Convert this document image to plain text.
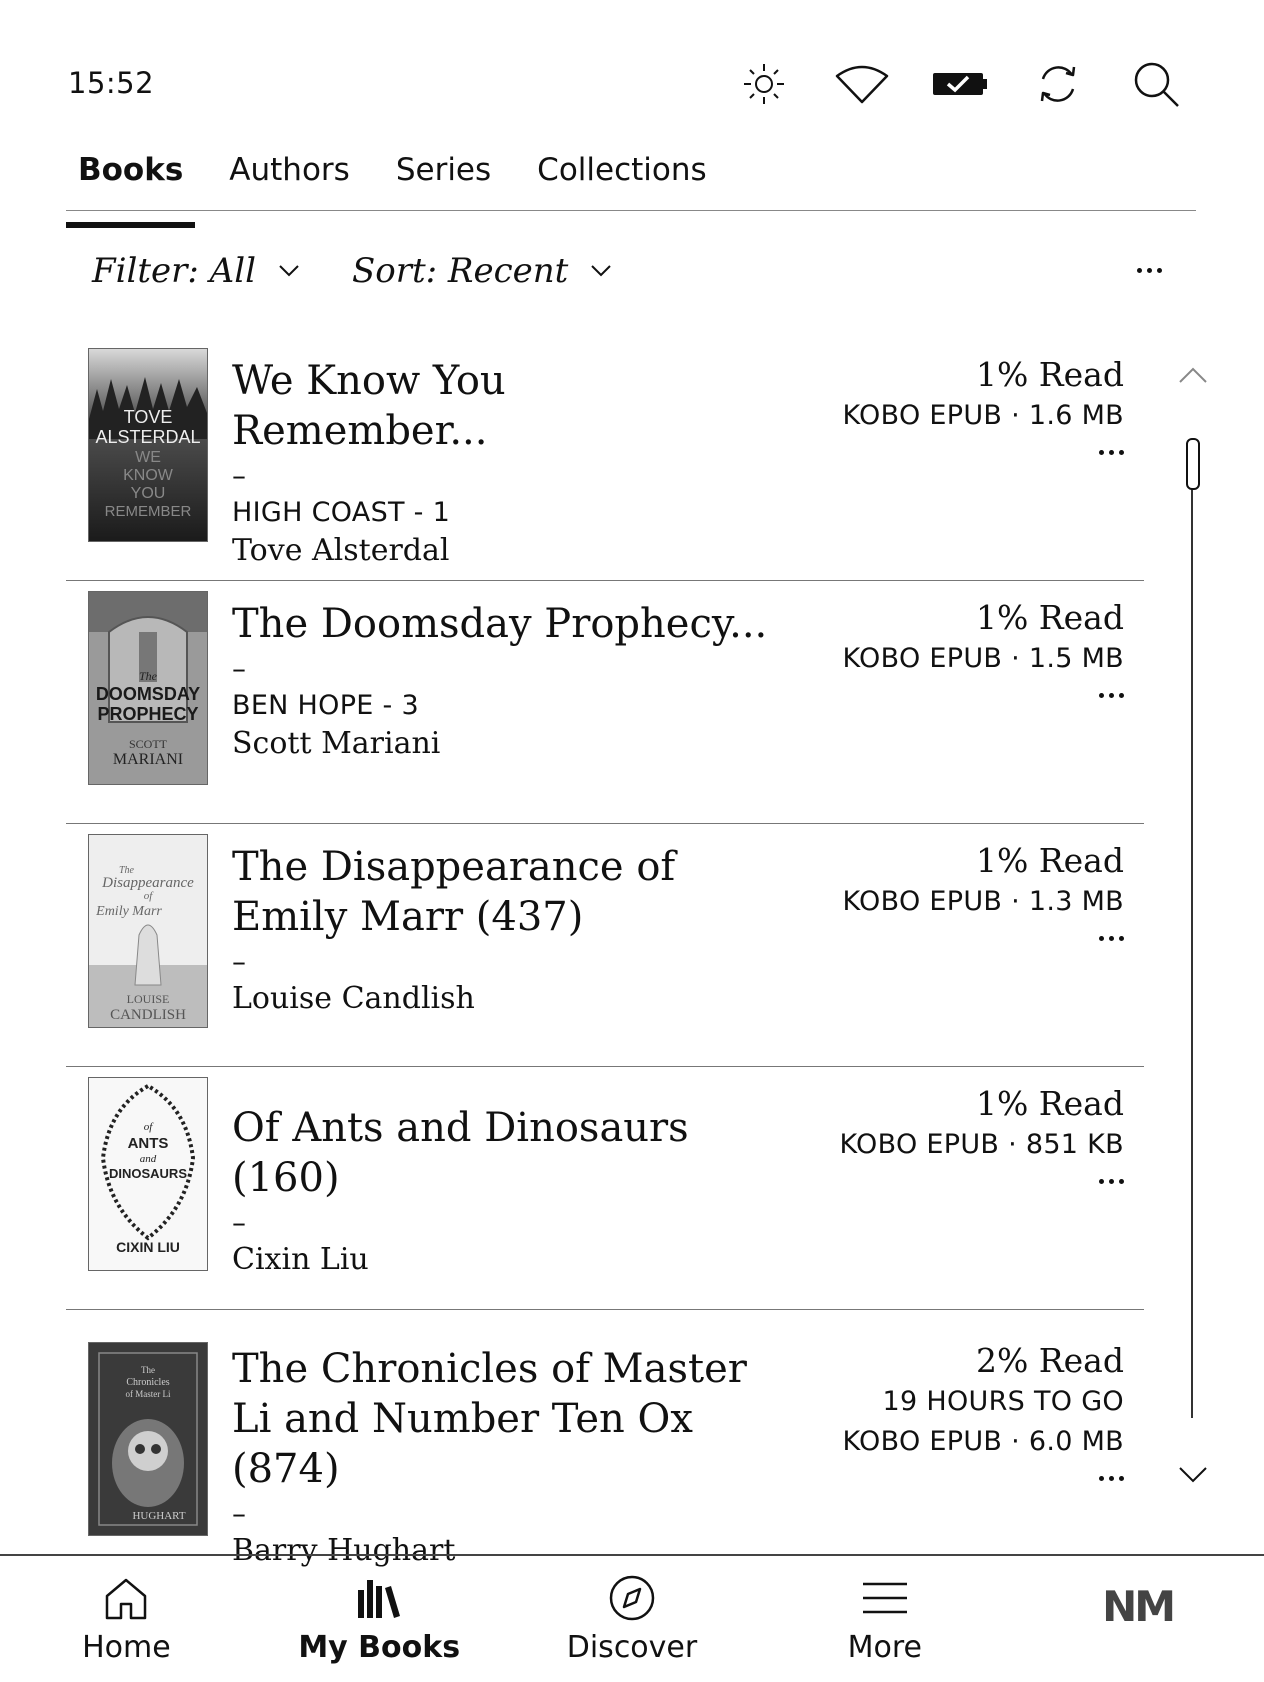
15:52
Books	Authors	Series	Collections
Filter: All	Sort: Recent
TOVE
ALSTERDAL
WE
KNOW
YOU
REMEMBER
We Know You Remember...
–
HIGH COAST - 1
Tove Alsterdal
1% Read
KOBO EPUB · 1.6 MB
The
DOOMSDAY
PROPHECY
SCOTT
MARIANI
The Doomsday Prophecy...
–
BEN HOPE - 3
Scott Mariani
1% Read
KOBO EPUB · 1.5 MB
The
Disappearance
of
Emily Marr
LOUISE
CANDLISH
The Disappearance of Emily Marr (437)
–
Louise Candlish
1% Read
KOBO EPUB · 1.3 MB
of
ANTS
and
DINOSAURS
CIXIN LIU
Of Ants and Dinosaurs (160)
–
Cixin Liu
1% Read
KOBO EPUB · 851 KB
The
Chronicles
of Master Li
HUGHART
The Chronicles of Master Li and Number Ten Ox (874)
–
Barry Hughart
2% Read
19 HOURS TO GO
KOBO EPUB · 6.0 MB
Home	My Books	Discover	More
NM
